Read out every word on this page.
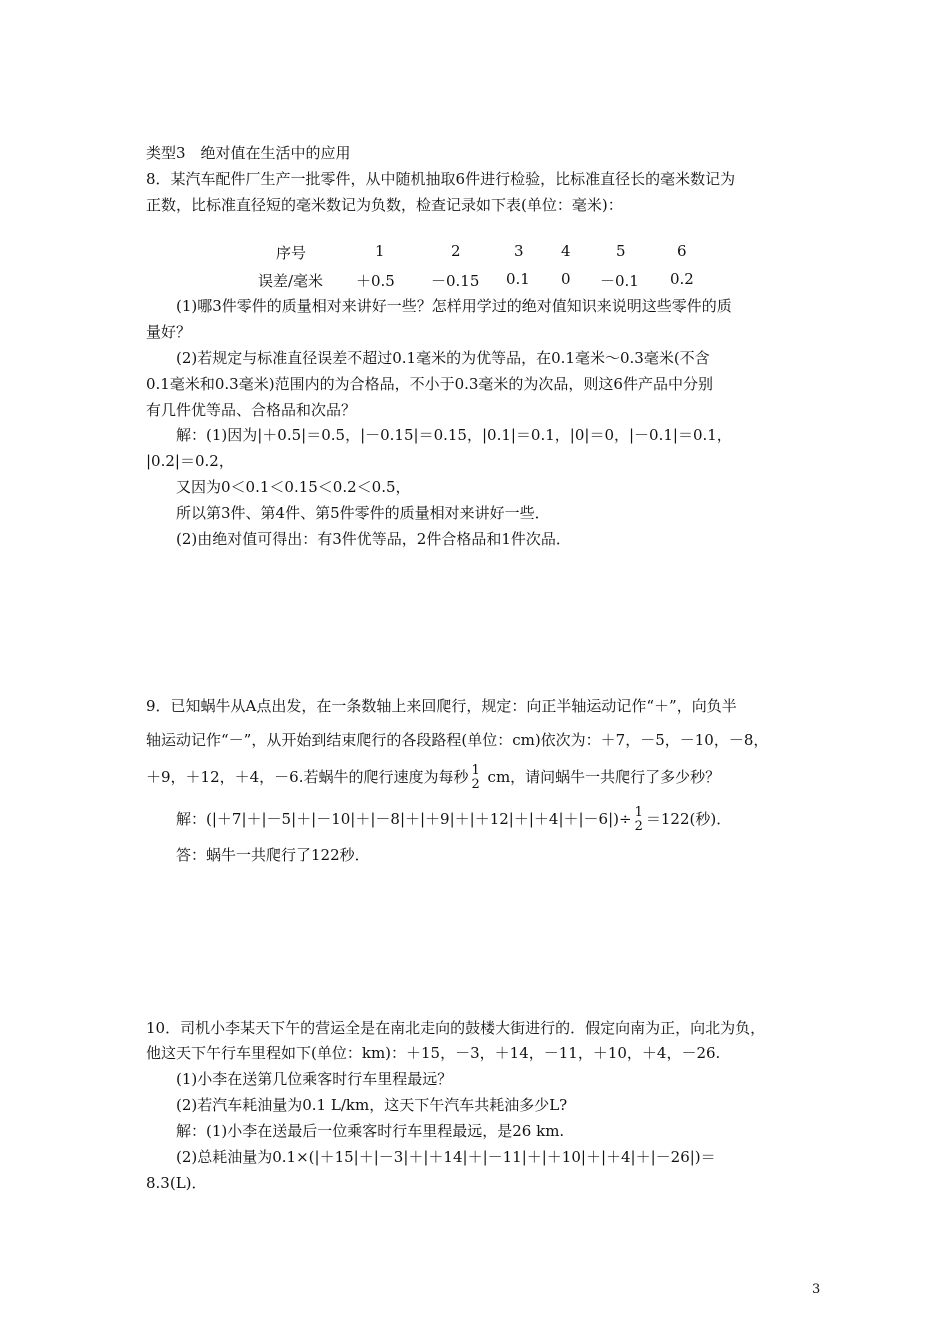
类型3　绝对值在生活中的应用
8．某汽车配件厂生产一批零件，从中随机抽取6件进行检验，比标准直径长的毫米数记为
正数，比标准直径短的毫米数记为负数，检查记录如下表(单位：毫米)：
序号	1	2	3 4	5	6
误差/毫米 ＋0.5 －0.15 0.1 0 －0.1 0.2
(1)哪3件零件的质量相对来讲好一些？怎样用学过的绝对值知识来说明这些零件的质
量好？
(2)若规定与标准直径误差不超过0.1毫米的为优等品，在0.1毫米～0.3毫米(不含
0.1毫米和0.3毫米)范围内的为合格品，不小于0.3毫米的为次品，则这6件产品中分别
有几件优等品、合格品和次品？
解：(1)因为|＋0.5|＝0.5，|－0.15|＝0.15，|0.1|＝0.1，|0|＝0，|－0.1|＝0.1，
|0.2|＝0.2，
又因为0＜0.1＜0.15＜0.2＜0.5，
所以第3件、第4件、第5件零件的质量相对来讲好一些．
(2)由绝对值可得出：有3件优等品，2件合格品和1件次品．
9．已知蜗牛从A点出发，在一条数轴上来回爬行，规定：向正半轴运动记作“＋”，向负半
轴运动记作“－”，从开始到结束爬行的各段路程(单位：cm)依次为：＋7，－5，－10，－8，
＋9，＋12，＋4，－6.若蜗牛的爬行速度为每秒 1
2 cm，请问蜗牛一共爬行了多少秒？
解：(|＋7|＋|－5|＋|－10|＋|－8|＋|＋9|＋|＋12|＋|＋4|＋|－6|)÷ 1
2 ＝122(秒)．
答：蜗牛一共爬行了122秒．
10．司机小李某天下午的营运全是在南北走向的鼓楼大街进行的．假定向南为正，向北为负，
他这天下午行车里程如下(单位：km)：＋15，－3，＋14，－11，＋10，＋4，－26.
(1)小李在送第几位乘客时行车里程最远？
(2)若汽车耗油量为0.1 L/km，这天下午汽车共耗油多少L?
解：(1)小李在送最后一位乘客时行车里程最远，是26 km.
(2)总耗油量为0.1×(|＋15|＋|－3|＋|＋14|＋|－11|＋|＋10|＋|＋4|＋|－26|)＝
8.3(L)．
3
